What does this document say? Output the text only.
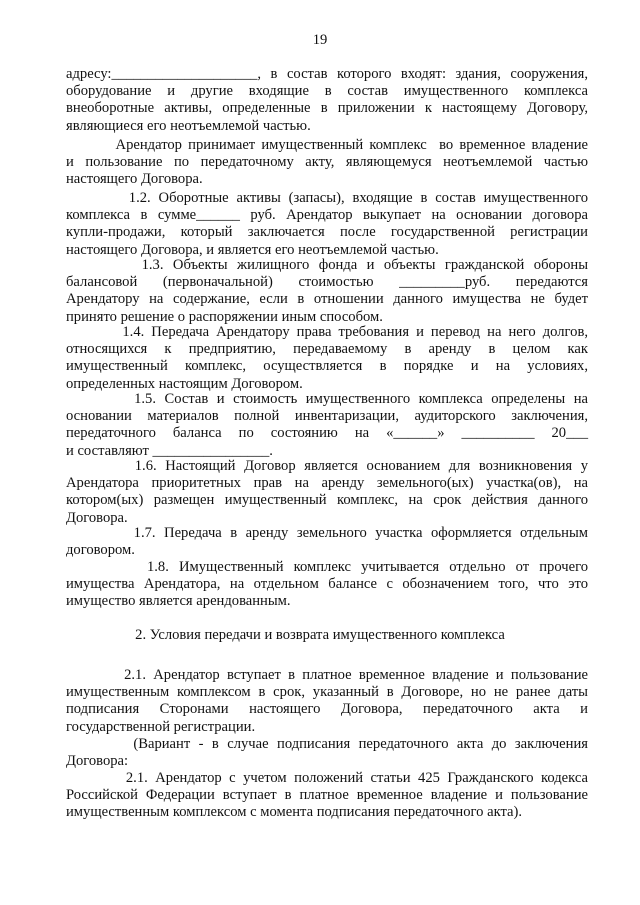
19
адресу:____________________, в состав которого входят: здания, сооружения,
оборудование и другие входящие в состав имущественного комплекса
внеоборотные активы, определенные в приложении к настоящему Договору,
являющиеся его неотъемлемой частью.
Арендатор принимает имущественный комплекс  во временное владение
и пользование по передаточному акту, являющемуся неотъемлемой частью
настоящего Договора.
1.2. Оборотные активы (запасы), входящие в состав имущественного
комплекса в сумме______ руб. Арендатор выкупает на основании договора
купли-продажи, который заключается после государственной регистрации
настоящего Договора, и является его неотъемлемой частью.
1.3. Объекты жилищного фонда и объекты гражданской обороны
балансовой    (первоначальной)    стоимостью    _________руб.    передаются
Арендатору на содержание, если в отношении данного имущества не будет
принято решение о распоряжении иным способом.
1.4. Передача Арендатору права требования и перевод на него долгов,
относящихся к предприятию, передаваемому в аренду в целом как
имущественный комплекс, осуществляется в порядке и на условиях,
определенных настоящим Договором.
1.5. Состав и стоимость имущественного комплекса определены на
основании материалов полной инвентаризации, аудиторского заключения,
передаточного   баланса   по   состоянию   на   «______»   __________   20___
и составляют ________________.
1.6. Настоящий Договор является основанием для возникновения у
Арендатора приоритетных прав на аренду земельного(ых) участка(ов), на
котором(ых) размещен имущественный комплекс, на срок действия данного
Договора.
1.7. Передача в аренду земельного участка оформляется отдельным
договором.
1.8. Имущественный комплекс учитывается отдельно от прочего
имущества Арендатора, на отдельном балансе с обозначением того, что это
имущество является арендованным.
2. Условия передачи и возврата имущественного комплекса
2.1. Арендатор вступает в платное временное владение и пользование
имущественным комплексом в срок, указанный в Договоре, но не ранее даты
подписания Сторонами настоящего Договора, передаточного акта и
государственной регистрации.
(Вариант - в случае подписания передаточного акта до заключения
Договора:
2.1. Арендатор с учетом положений статьи 425 Гражданского кодекса
Российской Федерации вступает в платное временное владение и пользование
имущественным комплексом с момента подписания передаточного акта).
